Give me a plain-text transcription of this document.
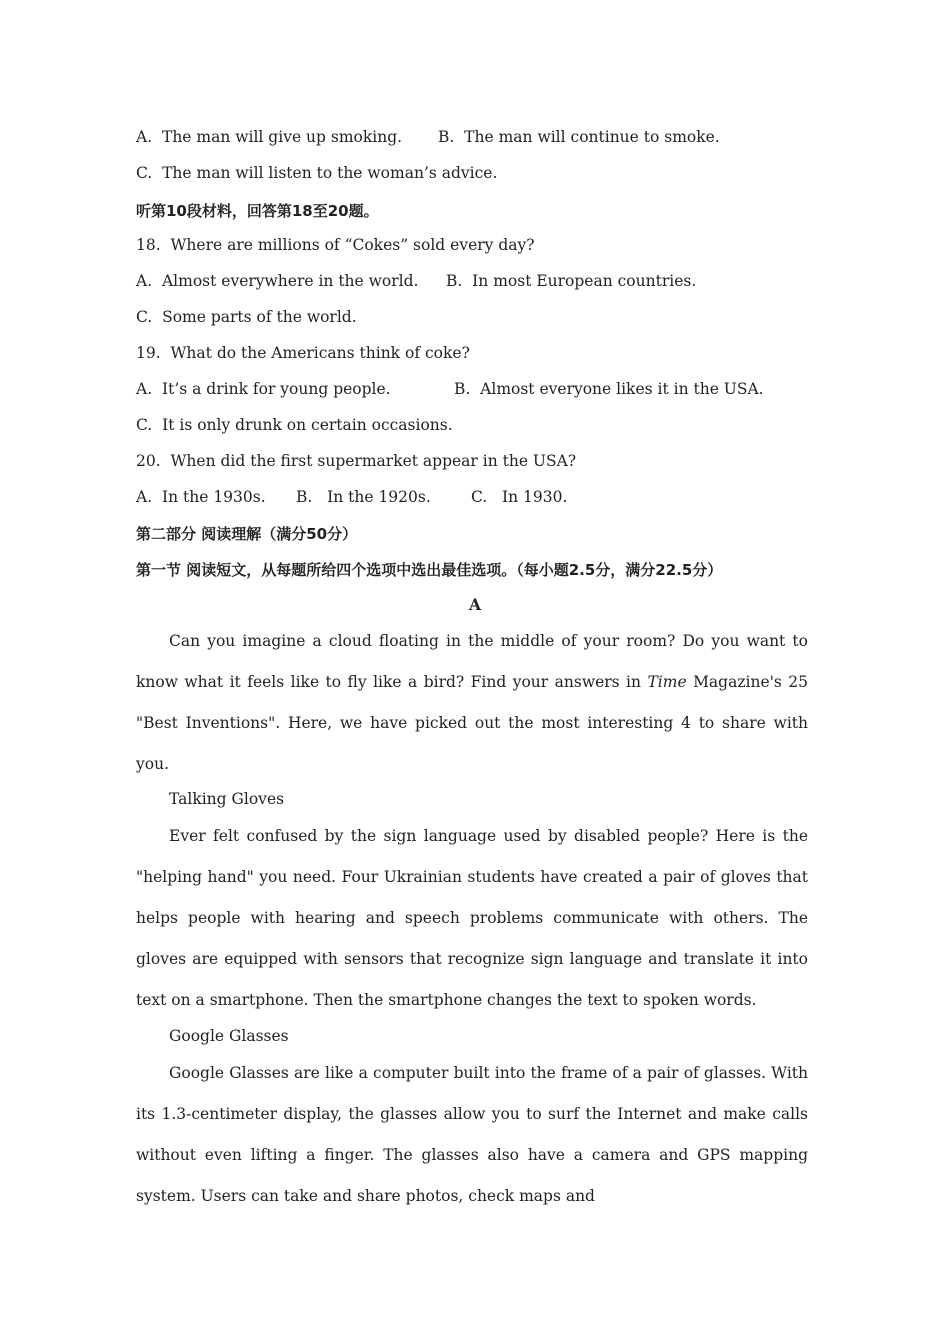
A.  The man will give up smoking. B.  The man will continue to smoke.
C.  The man will listen to the woman’s advice.
听第10段材料，回答第18至20题。
18.  Where are millions of “Cokes” sold every day?
A.  Almost everywhere in the world. B.  In most European countries.
C.  Some parts of the world.
19.  What do the Americans think of coke?
A.  It’s a drink for young people.	B.  Almost everyone likes it in the USA.
C.  It is only drunk on certain occasions.
20.  When did the first supermarket appear in the USA?
A.  In the 1930s. B.   In the 1920s.	C.   In 1930.
第二部分 阅读理解（满分50分）
第一节 阅读短文，从每题所给四个选项中选出最佳选项。（每小题2.5分，满分22.5分）
A
Can you imagine a cloud floating in the middle of your room? Do you want to know what it feels like to fly like a bird? Find your answers in Time Magazine's 25 "Best Inventions". Here, we have picked out the most interesting 4 to share with you.
Talking Gloves
Ever felt confused by the sign language used by disabled people? Here is the "helping hand" you need. Four Ukrainian students have created a pair of gloves that helps people with hearing and speech problems communicate with others. The gloves are equipped with sensors that recognize sign language and translate it into text on a smartphone. Then the smartphone changes the text to spoken words.
Google Glasses
Google Glasses are like a computer built into the frame of a pair of glasses. With its 1.3-centimeter display, the glasses allow you to surf the Internet and make calls without even lifting a finger. The glasses also have a camera and GPS mapping system. Users can take and share photos, check maps and
